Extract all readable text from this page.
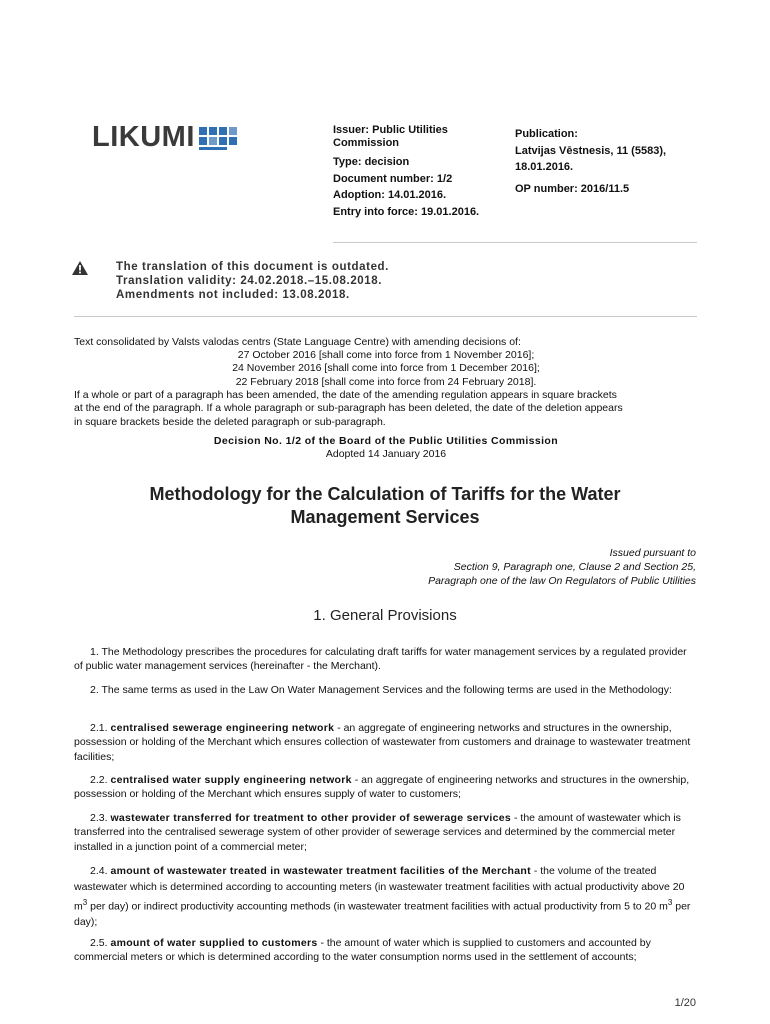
LIKUMI	Issuer: Public Utilities Commission
Type: decision
Document number: 1/2
Adoption: 14.01.2016.
Entry into force: 19.01.2016.
Publication:
Latvijas Vēstnesis, 11 (5583),
18.01.2016.
OP number: 2016/11.5
The translation of this document is outdated.
Translation validity: 24.02.2018.–15.08.2018.
Amendments not included: 13.08.2018.
Text consolidated by Valsts valodas centrs (State Language Centre) with amending decisions of:
27 October 2016 [shall come into force from 1 November 2016];
24 November 2016 [shall come into force from 1 December 2016];
22 February 2018 [shall come into force from 24 February 2018].
If a whole or part of a paragraph has been amended, the date of the amending regulation appears in square brackets
at the end of the paragraph. If a whole paragraph or sub-paragraph has been deleted, the date of the deletion appears
in square brackets beside the deleted paragraph or sub-paragraph.
Decision No. 1/2 of the Board of the Public Utilities Commission
Adopted 14 January 2016
Methodology for the Calculation of Tariffs for the Water
Management Services
Issued pursuant to
Section 9, Paragraph one, Clause 2 and Section 25,
Paragraph one of the law On Regulators of Public Utilities
1. General Provisions
1. The Methodology prescribes the procedures for calculating draft tariffs for water management services by a regulated provider of public water management services (hereinafter - the Merchant).
2. The same terms as used in the Law On Water Management Services and the following terms are used in the Methodology:
2.1. centralised sewerage engineering network - an aggregate of engineering networks and structures in the ownership, possession or holding of the Merchant which ensures collection of wastewater from customers and drainage to wastewater treatment facilities;
2.2. centralised water supply engineering network - an aggregate of engineering networks and structures in the ownership, possession or holding of the Merchant which ensures supply of water to customers;
2.3. wastewater transferred for treatment to other provider of sewerage services - the amount of wastewater which is transferred into the centralised sewerage system of other provider of sewerage services and determined by the commercial meter installed in a junction point of a commercial meter;
2.4. amount of wastewater treated in wastewater treatment facilities of the Merchant - the volume of the treated wastewater which is determined according to accounting meters (in wastewater treatment facilities with actual productivity above 20 $m^3$ per day) or indirect productivity accounting methods (in wastewater treatment facilities with actual productivity from 5 to 20 $m^3$ per day);
2.5. amount of water supplied to customers - the amount of water which is supplied to customers and accounted by commercial meters or which is determined according to the water consumption norms used in the settlement of accounts;
1/20
